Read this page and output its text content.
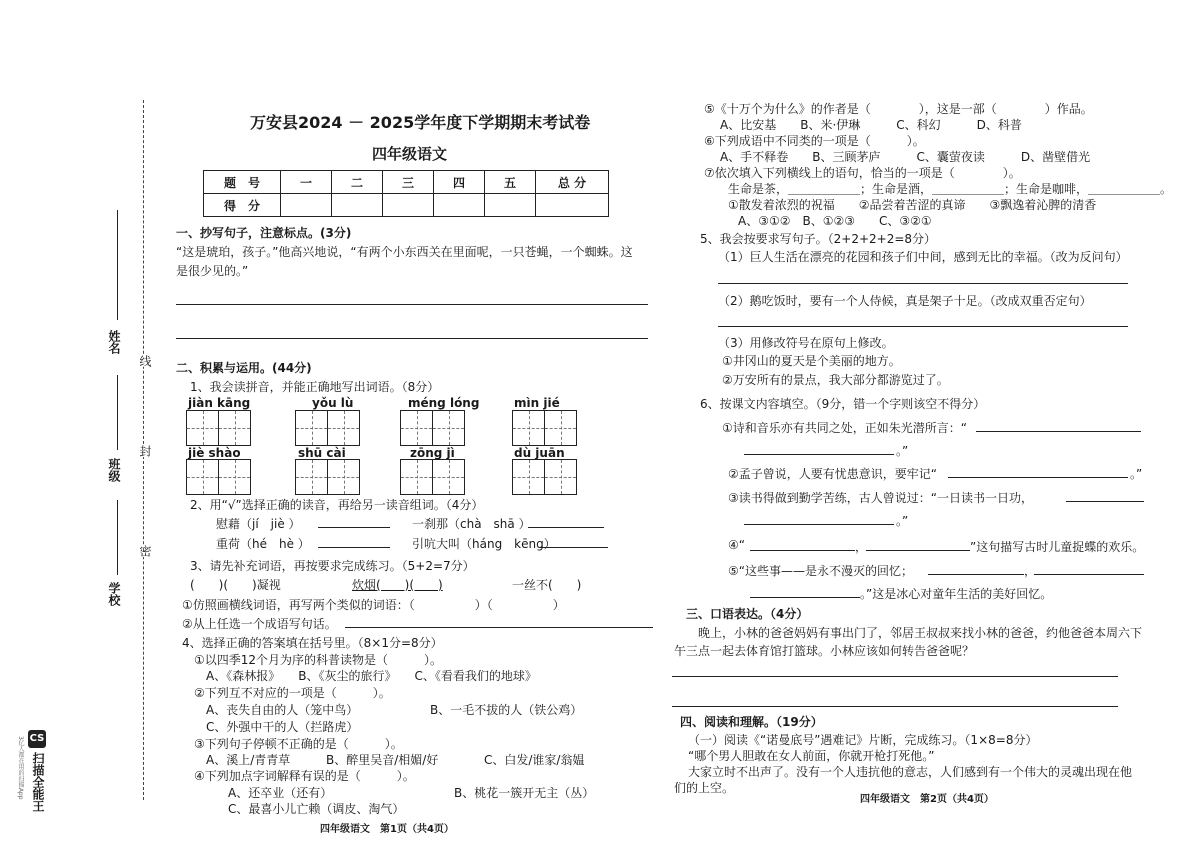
学校
班级
姓名
密
封
线
CS
扫描全能王
3亿人都在用的扫描App
万安县2024 － 2025学年度下学期期末考试卷
四年级语文
题　号	一	二	三	四	五	总 分
得　分						
一、抄写句子，注意标点。(3分)
“这是琥珀，孩子。”他高兴地说，“有两个小东西关在里面呢，一只苍蝇，一个蜘蛛。这
是很少见的。”
二、积累与运用。(44分)
1、我会读拼音，并能正确地写出词语。（8分）
jiàn kāng	yǒu lù	méng lóng	mìn jié
jiè shào	shū cài	zōng jì	dù juān
2、用“√”选择正确的读音，再给另一读音组词。（4分）
慰藉（jí　jiè ）	一刹那（chà　shā ）
重荷（hé　hè ）	引吭大叫（háng　kēng）
3、请先补充词语，再按要求完成练习。（5+2=7分）
(　　)(　　)凝视	炊烟(　　)(　　)	一丝不(　　)
①仿照画横线词语，再写两个类似的词语：（　　　　　）（　　　　　）
②从上任选一个成语写句话。
4、选择正确的答案填在括号里。（8×1分=8分）
①以四季12个月为序的科普读物是（　　　）。
A、《森林报》　　B、《灰尘的旅行》　　C、《看看我们的地球》
②下列互不对应的一项是（　　　）。
A、丧失自由的人（笼中鸟）	B、一毛不拔的人（铁公鸡）
C、外强中干的人（拦路虎）
③下列句子停顿不正确的是（　　　）。
A、溪上/青青草	B、醉里吴音/相媚/好	C、白发/谁家/翁媪
④下列加点字词解释有误的是（　　　）。
A、还卒业（还有）	B、桃花一簇开无主（丛）
C、最喜小儿亡赖（调皮、淘气）
四年级语文　第1页（共4页）
⑤《十万个为什么》的作者是（　　　　），这是一部（　　　　）作品。
A、比安基　　B、米·伊琳　　　C、科幻　　　D、科普
⑥下列成语中不同类的一项是（　　　）。
A、手不释卷　　B、三顾茅庐　　　C、囊萤夜读　　　D、凿壁借光
⑦依次填入下列横线上的语句，恰当的一项是（　　　　）。
生命是茶，＿＿＿＿＿＿；生命是酒，＿＿＿＿＿＿；生命是咖啡，＿＿＿＿＿＿。
①散发着浓烈的祝福　　②品尝着苦涩的真谛　　③飘逸着沁脾的清香
A、③①②　B、①②③　　C、③②①
5、我会按要求写句子。（2+2+2+2=8分）
（1）巨人生活在漂亮的花园和孩子们中间，感到无比的幸福。（改为反问句）
（2）鹅吃饭时，要有一个人侍候，真是架子十足。（改成双重否定句）
（3）用修改符号在原句上修改。
①井冈山的夏天是个美丽的地方。
②万安所有的景点，我大部分都游览过了。
6、按课文内容填空。（9分，错一个字则该空不得分）
①诗和音乐亦有共同之处，正如朱光潜所言：“
。”
②孟子曾说，人要有忧患意识，要牢记“	。”
③读书得做到勤学苦练，古人曾说过：“一日读书一日功，
。”
④“	，	”这句描写古时儿童捉蝶的欢乐。
⑤“这些事——是永不漫灭的回忆；	，
。”这是冰心对童年生活的美好回忆。
三、口语表达。（4分）
晚上，小林的爸爸妈妈有事出门了，邻居王叔叔来找小林的爸爸，约他爸爸本周六下
午三点一起去体育馆打篮球。小林应该如何转告爸爸呢？
四、阅读和理解。（19分）
（一）阅读《“诺曼底号”遇难记》片断，完成练习。（1×8=8分）
“哪个男人胆敢在女人前面，你就开枪打死他。”
大家立时不出声了。没有一个人违抗他的意志，人们感到有一个伟大的灵魂出现在他
们的上空。
四年级语文　第2页（共4页）
